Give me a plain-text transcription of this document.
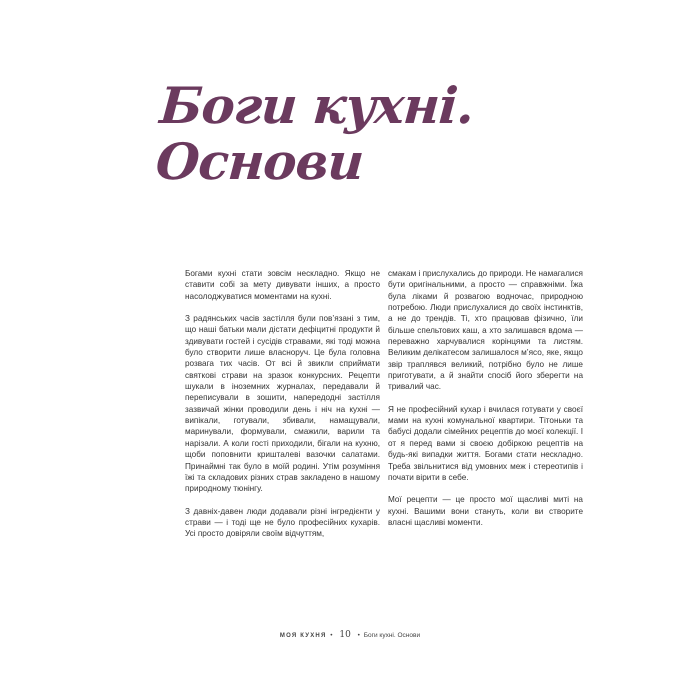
Боги кухні.
Основи

Богами кухні стати зовсім нескладно. Якщо не ставити собі за мету дивувати інших, а просто насолоджуватися моментами на кухні.

З радянських часів застілля були пов’язані з тим, що наші батьки мали дістати дефіцитні продукти й здивувати гостей і сусідів стравами, які тоді можна було створити лише власноруч. Це була головна розвага тих часів. От всі й звикли сприймати святкові страви на зразок конкурсних. Рецепти шукали в іноземних журналах, передавали й переписували в зошити, напередодні застілля зазвичай жінки проводили день і ніч на кухні — випікали, готували, збивали, намащували, маринували, формували, смажили, варили та нарізали. А коли гості приходили, бігали на кухню, щоби поповнити кришталеві вазочки салатами. Принаймні так було в моїй родині. Утім розуміння їжі та складових різних страв закладено в нашому природному тюнінгу.

З давніх-давен люди додавали різні інгредієнти у страви — і тоді ще не було професійних кухарів. Усі просто довіряли своїм відчуттям,

смакам і прислухались до природи. Не намагалися бути оригінальними, а просто — справжніми. Їжа була ліками й розвагою водночас, природною потребою. Люди прислухалися до своїх інстинктів, а не до трендів. Ті, хто працював фізично, їли більше спельтових каш, а хто залишався вдома — переважно харчувалися корінцями та листям. Великим делікатесом залишалося м’ясо, яке, якщо звір траплявся великий, потрібно було не лише приготувати, а й знайти спосіб його зберегти на тривалий час.

Я не професійний кухар і вчилася готувати у своєї мами на кухні комунальної квартири. Тітоньки та бабусі додали сімейних рецептів до моєї колекції. І от я перед вами зі своєю добіркою рецептів на будь-які випадки життя. Богами стати нескладно. Треба звільнитися від умовних меж і стереотипів і почати вірити в себе.

Мої рецепти — це просто мої щасливі миті на кухні. Вашими вони стануть, коли ви створите власні щасливі моменти.

МОЯ КУХНЯ • 10 • Боги кухні. Основи
